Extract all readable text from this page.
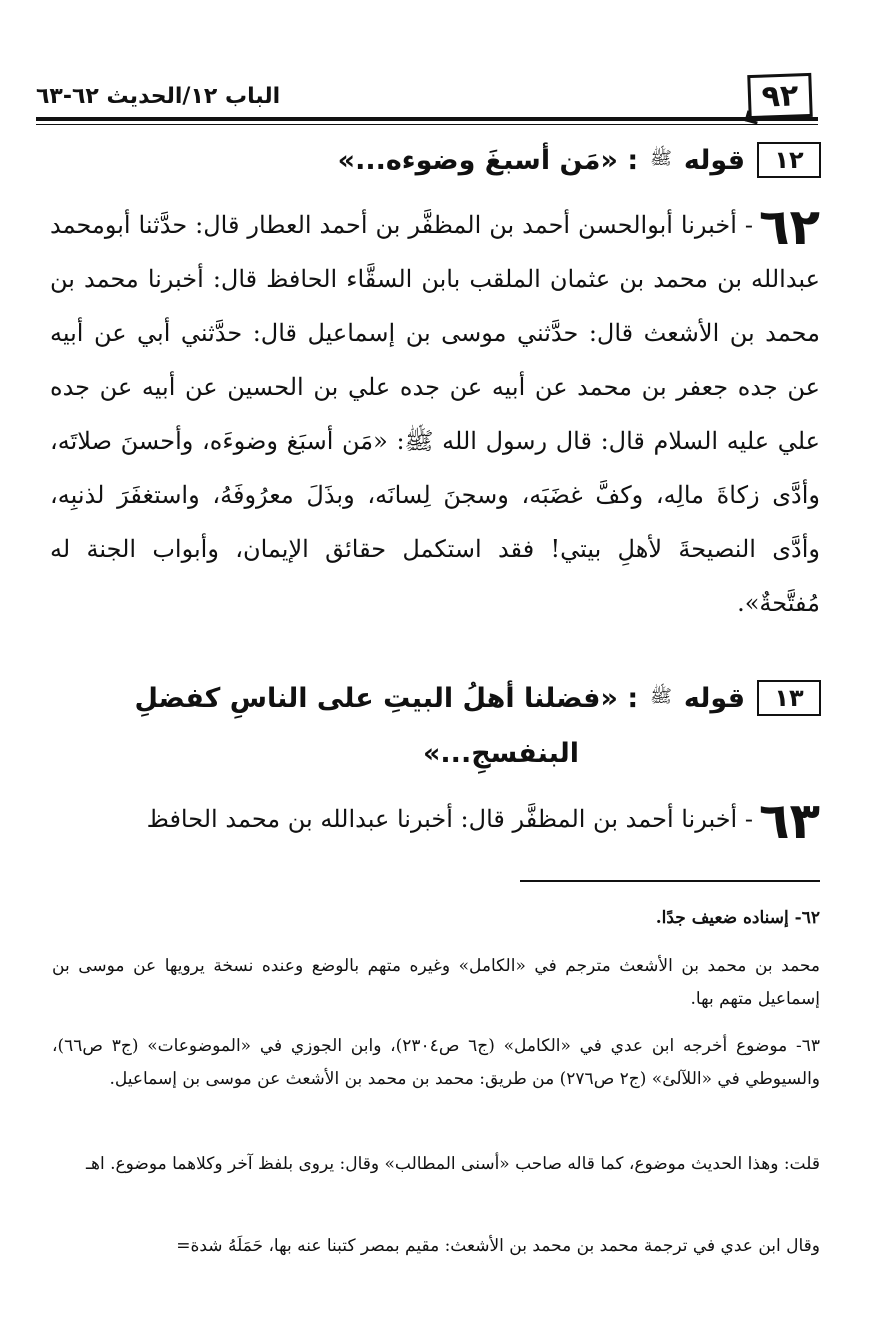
٩٢
الباب ١٢/الحديث ٦٢-٦٣
١٢
قوله
ﷺ
: «مَن أسبغَ وضوءه...»
٦٢- أخبرنا أبوالحسن أحمد بن المظفَّر بن أحمد العطار قال: حدَّثنا أبومحمد عبدالله بن محمد بن عثمان الملقب بابن السقَّاء الحافظ قال: أخبرنا محمد بن محمد بن الأشعث قال: حدَّثني موسى بن إسماعيل قال: حدَّثني أبي عن أبيه عن جده جعفر بن محمد عن أبيه عن جده علي بن الحسين عن أبيه عن جده علي عليه السلام قال: قال رسول الله ﷺ: «مَن أسبَغ وضوءَه، وأحسنَ صلاتَه، وأدَّى زكاةَ مالِه، وكفَّ غضَبَه، وسجنَ لِسانَه، وبذَلَ معرُوفَهُ، واستغفَرَ لذنبِه، وأدَّى النصيحةَ لأهلِ بيتي! فقد استكمل حقائق الإيمان، وأبواب الجنة له مُفتَّحةٌ».
١٣
قوله
ﷺ
: «فضلنا أهلُ البيتِ على الناسِ كفضلِ
البنفسجِ...»
٦٣- أخبرنا أحمد بن المظفَّر قال: أخبرنا عبدالله بن محمد الحافظ
٦٢- إسناده ضعيف جدًا.
محمد بن محمد بن الأشعث مترجم في «الكامل» وغيره متهم بالوضع وعنده نسخة يرويها عن موسى بن إسماعيل متهم بها.
٦٣- موضوع أخرجه ابن عدي في «الكامل» (ج٦ ص٢٣٠٤)، وابن الجوزي في «الموضوعات» (ج٣ ص٦٦)، والسيوطي في «اللآلئ» (ج٢ ص٢٧٦) من طريق: محمد بن محمد بن الأشعث عن موسى بن إسماعيل.
قلت: وهذا الحديث موضوع، كما قاله صاحب «أسنى المطالب» وقال: يروى بلفظ آخر وكلاهما موضوع. اهـ
وقال ابن عدي في ترجمة محمد بن محمد بن الأشعث: مقيم بمصر كتبنا عنه بها، حَمَلَهُ شدة=
